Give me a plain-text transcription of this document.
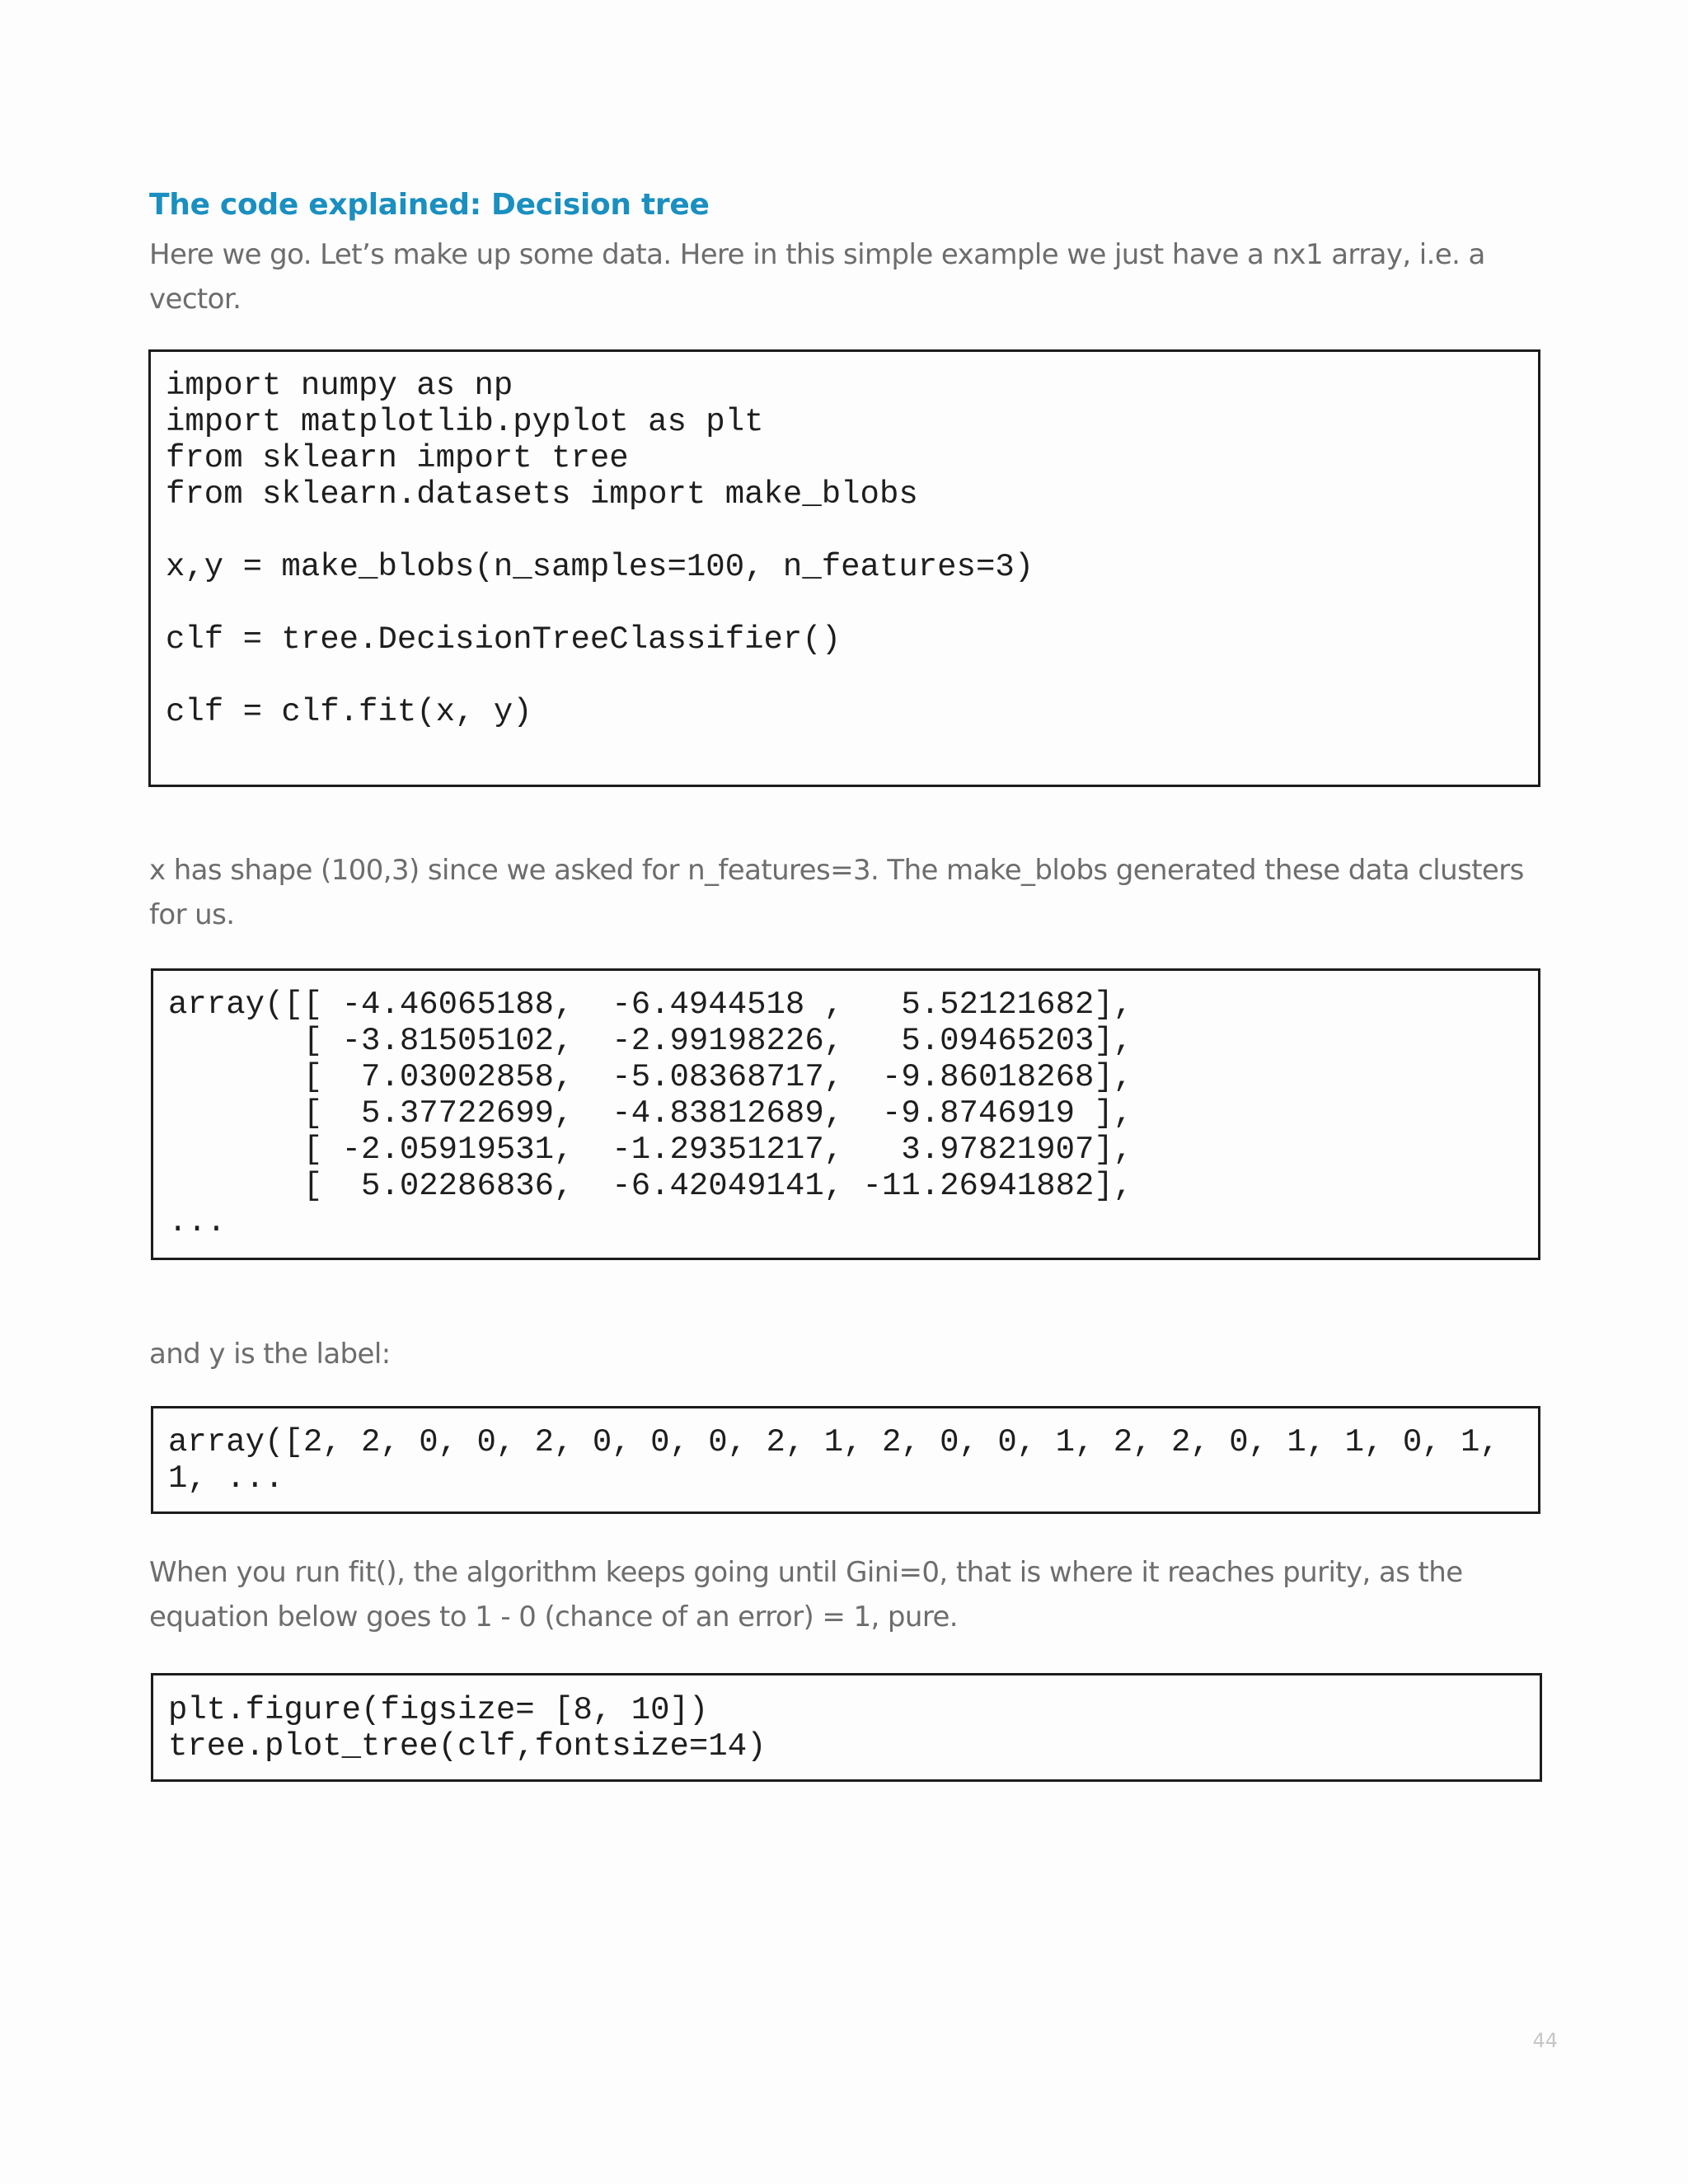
The code explained: Decision tree
Here we go. Let’s make up some data. Here in this simple example we just have a nx1 array, i.e. a vector.
import numpy as np
import matplotlib.pyplot as plt
from sklearn import tree
from sklearn.datasets import make_blobs
x,y = make_blobs(n_samples=100, n_features=3)
clf = tree.DecisionTreeClassifier()
clf = clf.fit(x, y)
x has shape (100,3) since we asked for n_features=3. The make_blobs generated these data clusters for us.
array([[ -4.46065188,  -6.4944518 ,   5.52121682],
[ -3.81505102,  -2.99198226,   5.09465203],
[  7.03002858,  -5.08368717,  -9.86018268],
[  5.37722699,  -4.83812689,  -9.8746919 ],
[ -2.05919531,  -1.29351217,   3.97821907],
[  5.02286836,  -6.42049141, -11.26941882],
...
and y is the label:
array([2, 2, 0, 0, 2, 0, 0, 0, 2, 1, 2, 0, 0, 1, 2, 2, 0, 1, 1, 0, 1,
1, ...
When you run fit(), the algorithm keeps going until Gini=0, that is where it reaches purity, as the equation below goes to 1 - 0 (chance of an error) = 1, pure.
plt.figure(figsize= [8, 10])
tree.plot_tree(clf,fontsize=14)
44
